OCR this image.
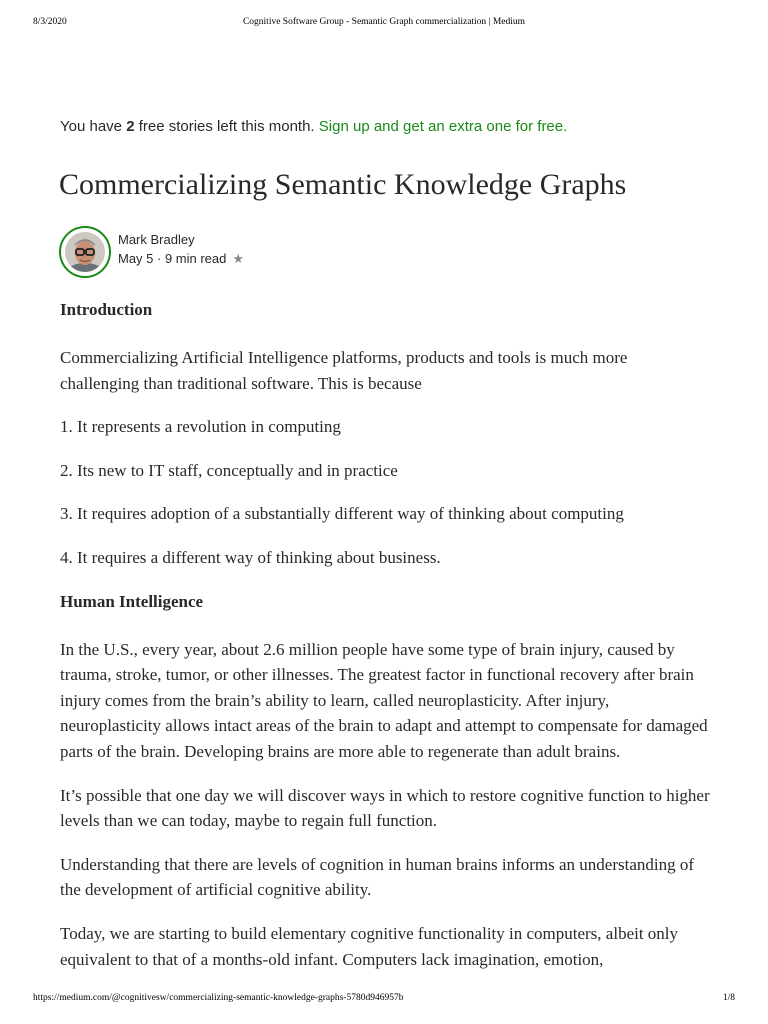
8/3/2020	Cognitive Software Group - Semantic Graph commercialization | Medium
You have 2 free stories left this month. Sign up and get an extra one for free.
Commercializing Semantic Knowledge Graphs
Mark Bradley
May 5 · 9 min read ★
Introduction

Commercializing Artificial Intelligence platforms, products and tools is much more challenging than traditional software. This is because

1. It represents a revolution in computing

2. Its new to IT staff, conceptually and in practice

3. It requires adoption of a substantially different way of thinking about computing

4. It requires a different way of thinking about business.

Human Intelligence

In the U.S., every year, about 2.6 million people have some type of brain injury, caused by trauma, stroke, tumor, or other illnesses. The greatest factor in functional recovery after brain injury comes from the brain’s ability to learn, called neuroplasticity. After injury, neuroplasticity allows intact areas of the brain to adapt and attempt to compensate for damaged parts of the brain. Developing brains are more able to regenerate than adult brains.

It’s possible that one day we will discover ways in which to restore cognitive function to higher levels than we can today, maybe to regain full function.

Understanding that there are levels of cognition in human brains informs an understanding of the development of artificial cognitive ability.

Today, we are starting to build elementary cognitive functionality in computers, albeit only equivalent to that of a months-old infant. Computers lack imagination, emotion,

https://medium.com/@cognitivesw/commercializing-semantic-knowledge-graphs-5780d946957b	1/8
